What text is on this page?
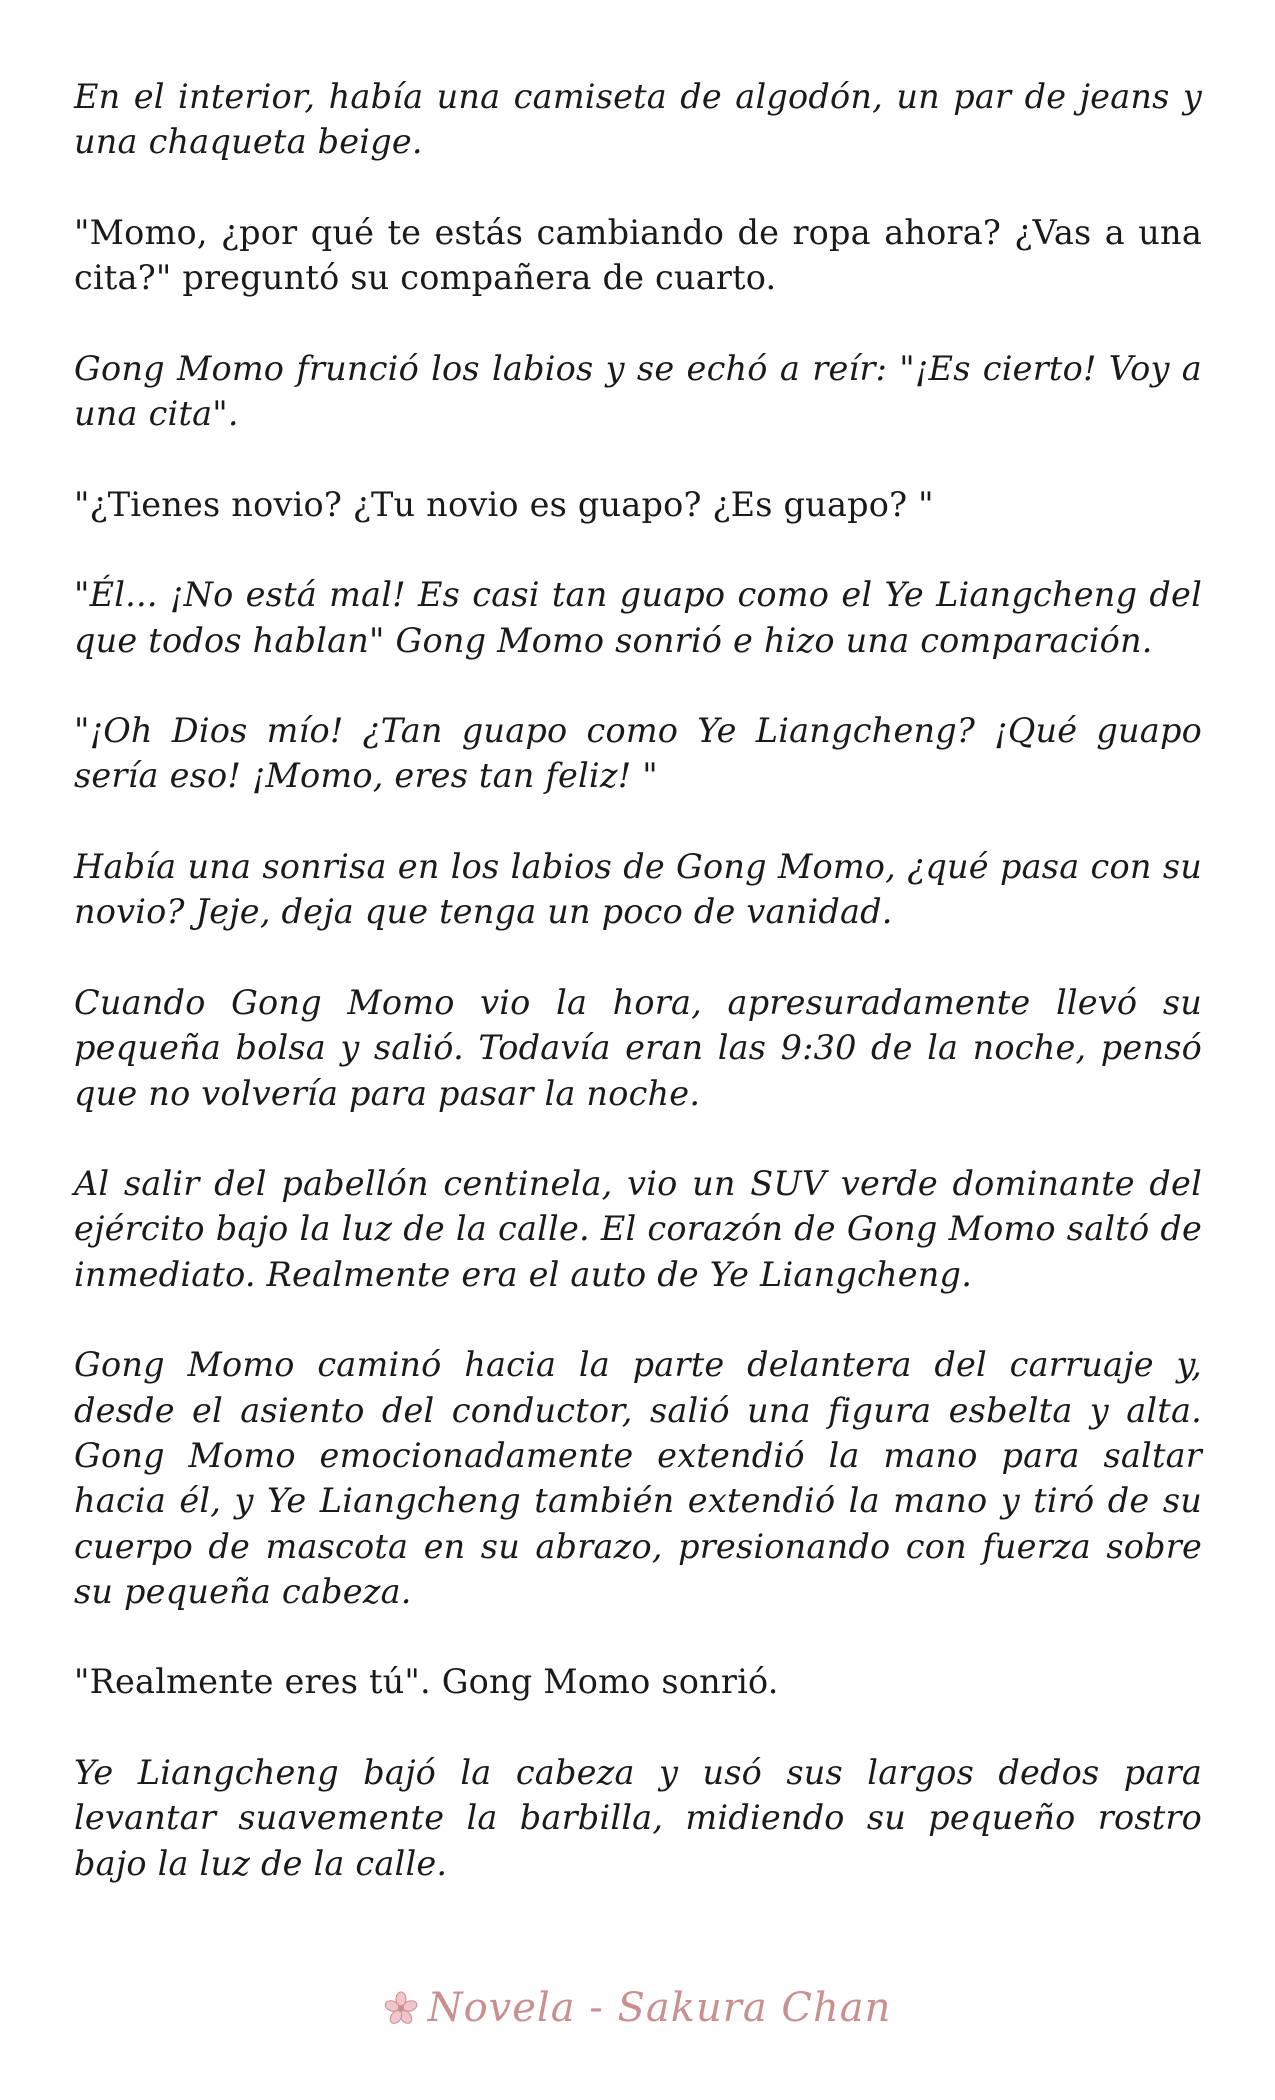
En el interior, había una camiseta de algodón, un par de jeans y una chaqueta beige.

"Momo, ¿por qué te estás cambiando de ropa ahora? ¿Vas a una cita?" preguntó su compañera de cuarto.

Gong Momo frunció los labios y se echó a reír: "¡Es cierto! Voy a una cita".

"¿Tienes novio? ¿Tu novio es guapo? ¿Es guapo? "

"Él... ¡No está mal! Es casi tan guapo como el Ye Liangcheng del que todos hablan" Gong Momo sonrió e hizo una comparación.

"¡Oh Dios mío! ¿Tan guapo como Ye Liangcheng? ¡Qué guapo sería eso! ¡Momo, eres tan feliz! "

Había una sonrisa en los labios de Gong Momo, ¿qué pasa con su novio? Jeje, deja que tenga un poco de vanidad.

Cuando Gong Momo vio la hora, apresuradamente llevó su pequeña bolsa y salió. Todavía eran las 9:30 de la noche, pensó que no volvería para pasar la noche.

Al salir del pabellón centinela, vio un SUV verde dominante del ejército bajo la luz de la calle. El corazón de Gong Momo saltó de inmediato. Realmente era el auto de Ye Liangcheng.

Gong Momo caminó hacia la parte delantera del carruaje y, desde el asiento del conductor, salió una figura esbelta y alta. Gong Momo emocionadamente extendió la mano para saltar hacia él, y Ye Liangcheng también extendió la mano y tiró de su cuerpo de mascota en su abrazo, presionando con fuerza sobre su pequeña cabeza.

"Realmente eres tú". Gong Momo sonrió.

Ye Liangcheng bajó la cabeza y usó sus largos dedos para levantar suavemente la barbilla, midiendo su pequeño rostro bajo la luz de la calle.

Novela - Sakura Chan
